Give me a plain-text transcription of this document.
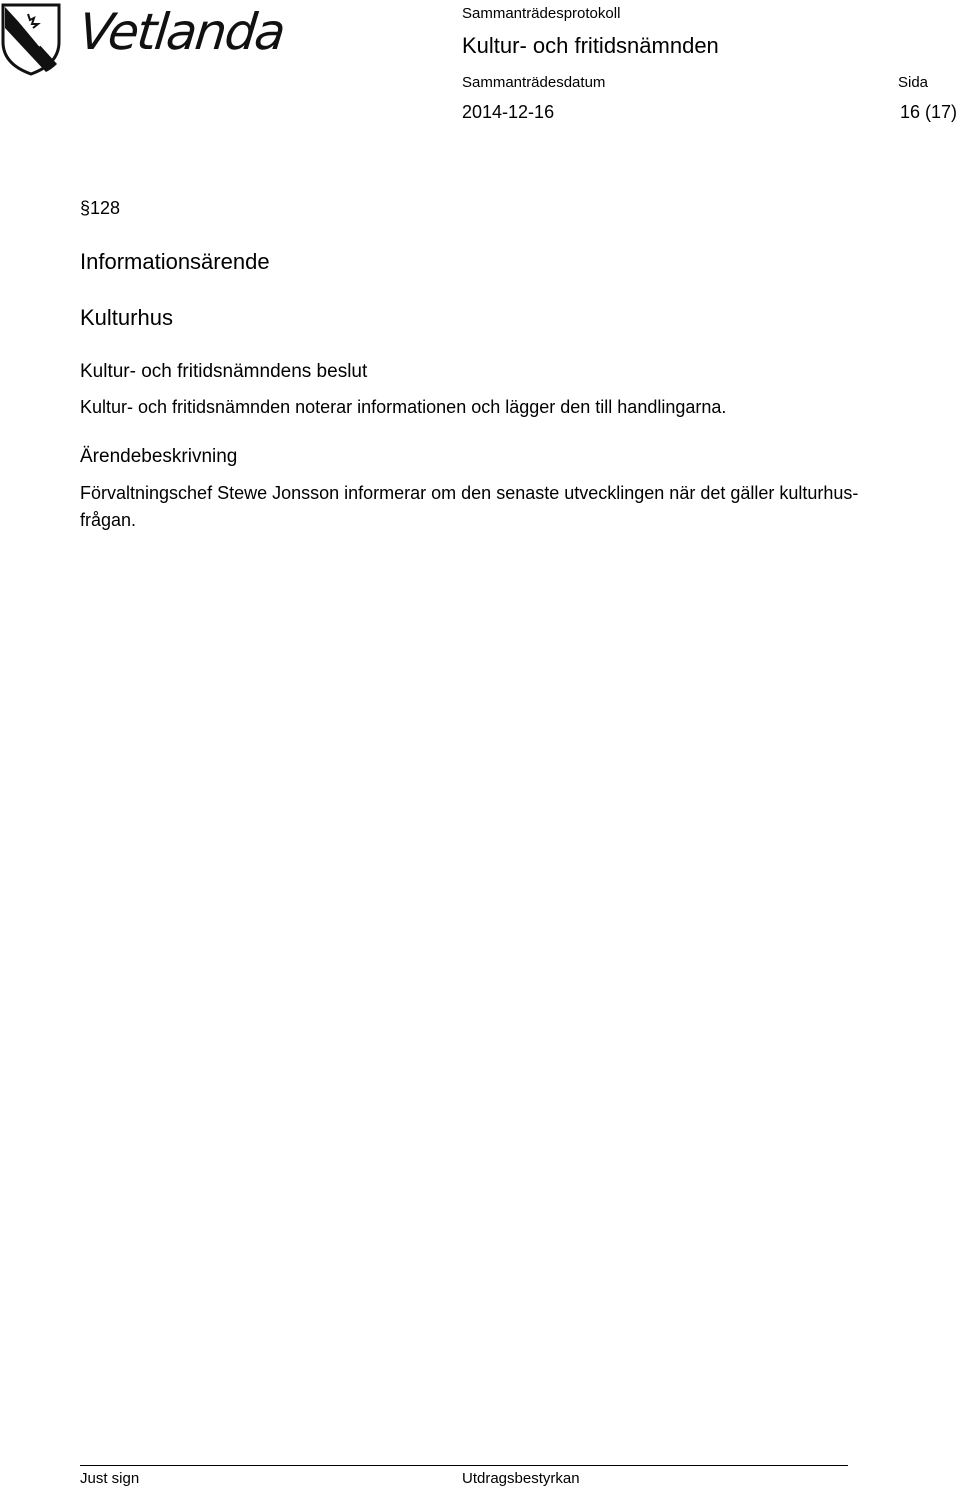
Vetlanda	Sammanträdesprotokoll
Kultur- och fritidsnämnden
Sammanträdesdatum
2014-12-16
Sida
16 (17)
§128
Informationsärende
Kulturhus
Kultur- och fritidsnämndens beslut
Kultur- och fritidsnämnden noterar informationen och lägger den till handlingarna.
Ärendebeskrivning
Förvaltningschef Stewe Jonsson informerar om den senaste utvecklingen när det gäller kulturhus-frågan.
Just sign	Utdragsbestyrkan
